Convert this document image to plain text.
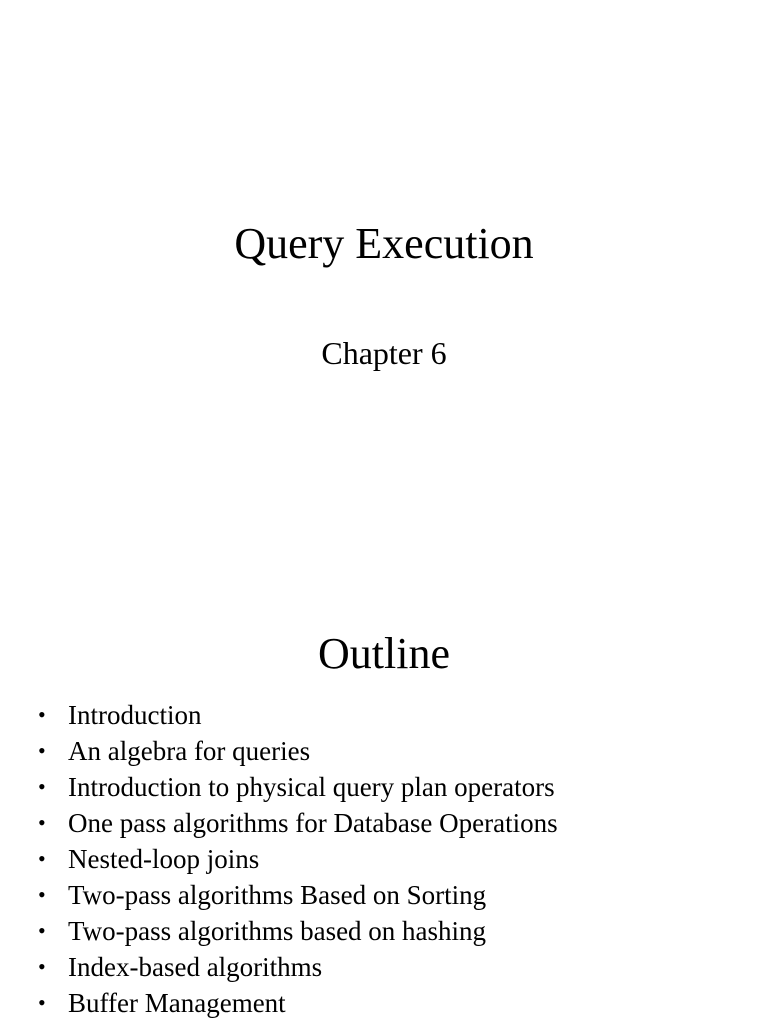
Query Execution
Chapter 6
Outline
• Introduction
• An algebra for queries
• Introduction to physical query plan operators
• One pass algorithms for Database Operations
• Nested-loop joins
• Two-pass algorithms Based on Sorting
• Two-pass algorithms based on hashing
• Index-based algorithms
• Buffer Management
